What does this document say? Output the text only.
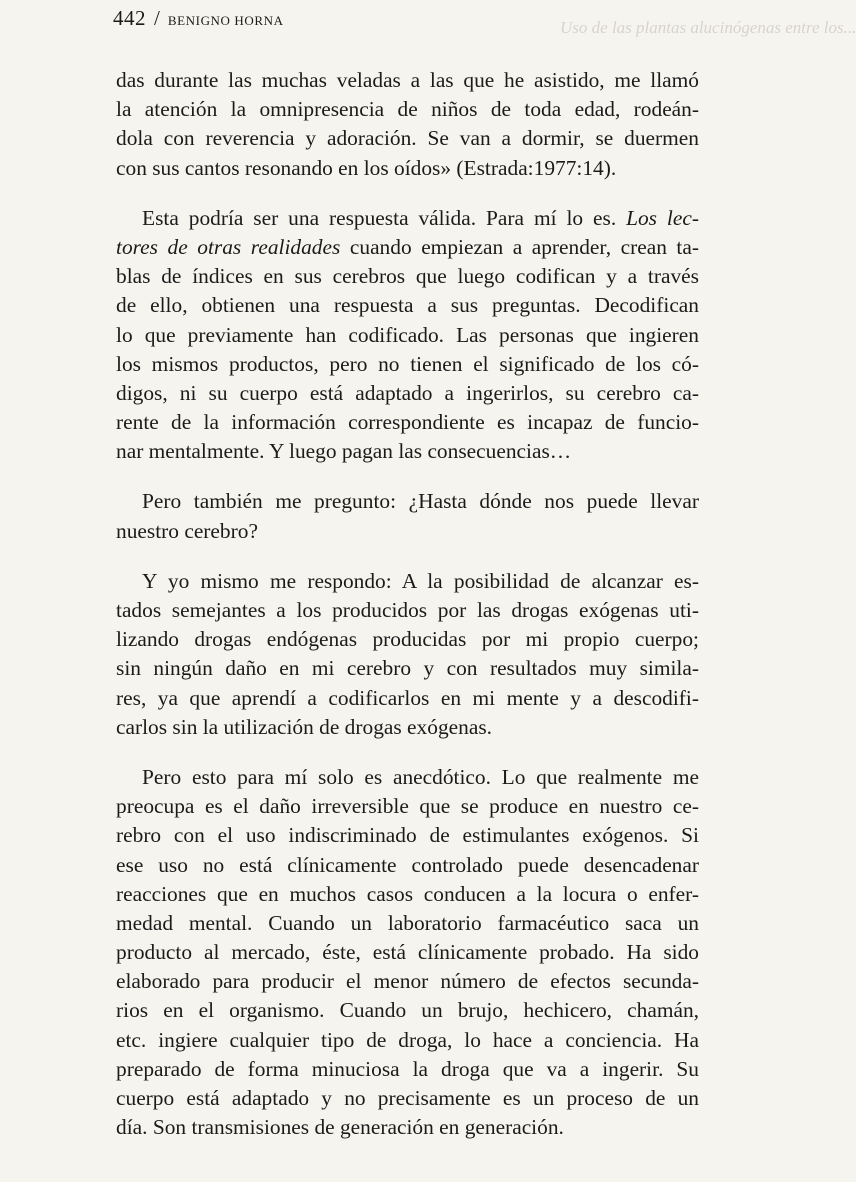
Uso de las plantas alucinógenas entre los...
442 / BENIGNO HORNA
das durante las muchas veladas a las que he asistido, me llamó
la atención la omnipresencia de niños de toda edad, rodeán-
dola con reverencia y adoración. Se van a dormir, se duermen
con sus cantos resonando en los oídos» (Estrada:1977:14).
Esta podría ser una respuesta válida. Para mí lo es. Los lec-
tores de otras realidades cuando empiezan a aprender, crean ta-
blas de índices en sus cerebros que luego codifican y a través
de ello, obtienen una respuesta a sus preguntas. Decodifican
lo que previamente han codificado. Las personas que ingieren
los mismos productos, pero no tienen el significado de los có-
digos, ni su cuerpo está adaptado a ingerirlos, su cerebro ca-
rente de la información correspondiente es incapaz de funcio-
nar mentalmente. Y luego pagan las consecuencias…
Pero también me pregunto: ¿Hasta dónde nos puede llevar
nuestro cerebro?
Y yo mismo me respondo: A la posibilidad de alcanzar es-
tados semejantes a los producidos por las drogas exógenas uti-
lizando drogas endógenas producidas por mi propio cuerpo;
sin ningún daño en mi cerebro y con resultados muy simila-
res, ya que aprendí a codificarlos en mi mente y a descodifi-
carlos sin la utilización de drogas exógenas.
Pero esto para mí solo es anecdótico. Lo que realmente me
preocupa es el daño irreversible que se produce en nuestro ce-
rebro con el uso indiscriminado de estimulantes exógenos. Si
ese uso no está clínicamente controlado puede desencadenar
reacciones que en muchos casos conducen a la locura o enfer-
medad mental. Cuando un laboratorio farmacéutico saca un
producto al mercado, éste, está clínicamente probado. Ha sido
elaborado para producir el menor número de efectos secunda-
rios en el organismo. Cuando un brujo, hechicero, chamán,
etc. ingiere cualquier tipo de droga, lo hace a conciencia. Ha
preparado de forma minuciosa la droga que va a ingerir. Su
cuerpo está adaptado y no precisamente es un proceso de un
día. Son transmisiones de generación en generación.
